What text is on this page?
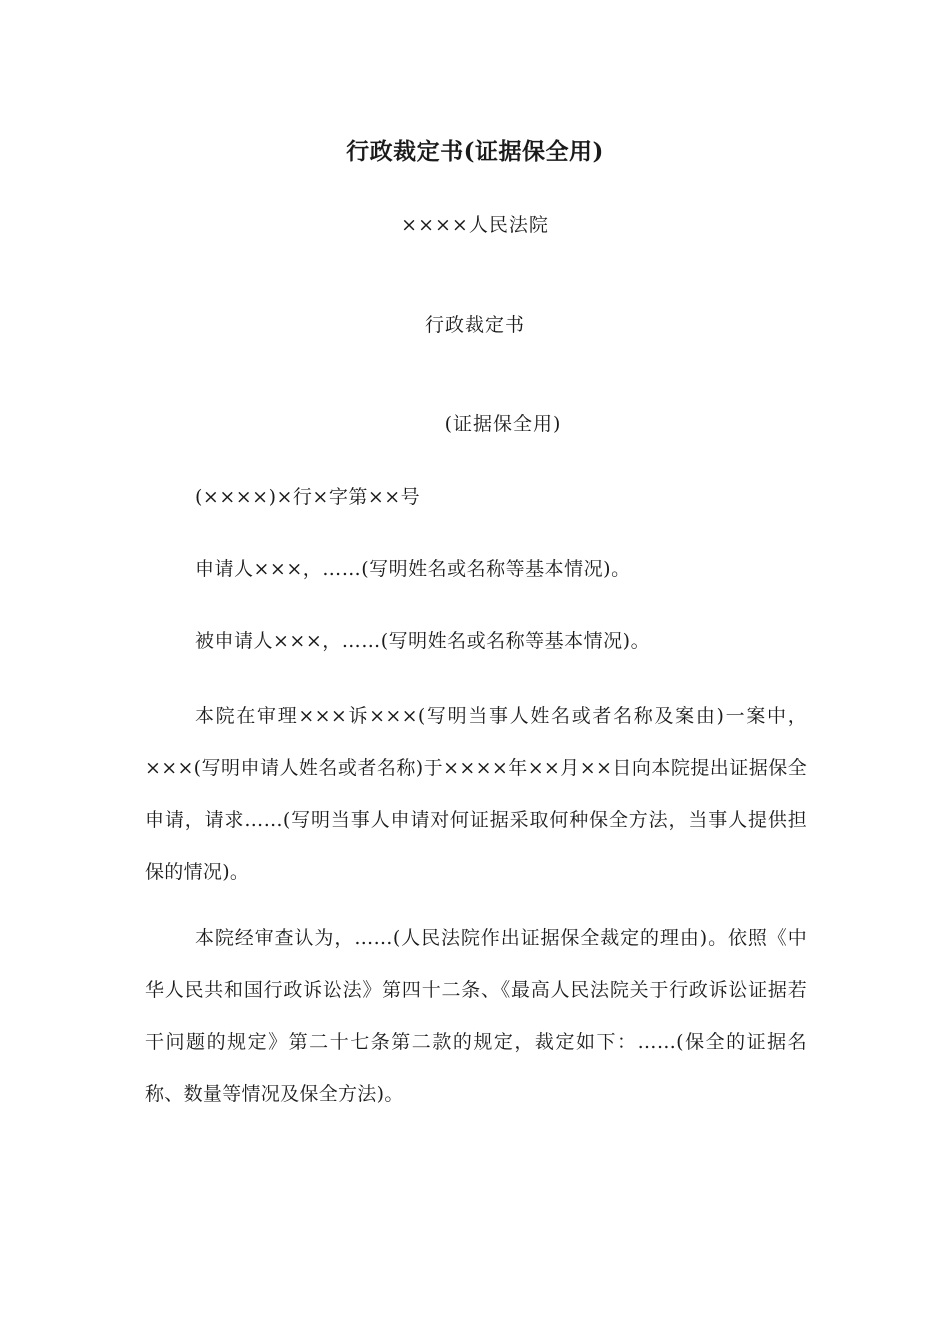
行政裁定书(证据保全用)
××××人民法院
行政裁定书
(证据保全用)
(××××)×行×字第××号
申请人×××，……(写明姓名或名称等基本情况)。
被申请人×××，……(写明姓名或名称等基本情况)。

本院在审理×××诉×××(写明当事人姓名或者名称及案由)一案中，×××(写明申请人姓名或者名称)于××××年××月××日向本院提出证据保全申请，请求……(写明当事人申请对何证据采取何种保全方法，当事人提供担保的情况)。

本院经审查认为，……(人民法院作出证据保全裁定的理由)。依照《中华人民共和国行政诉讼法》第四十二条、《最高人民法院关于行政诉讼证据若干问题的规定》第二十七条第二款的规定，裁定如下：……(保全的证据名称、数量等情况及保全方法)。
